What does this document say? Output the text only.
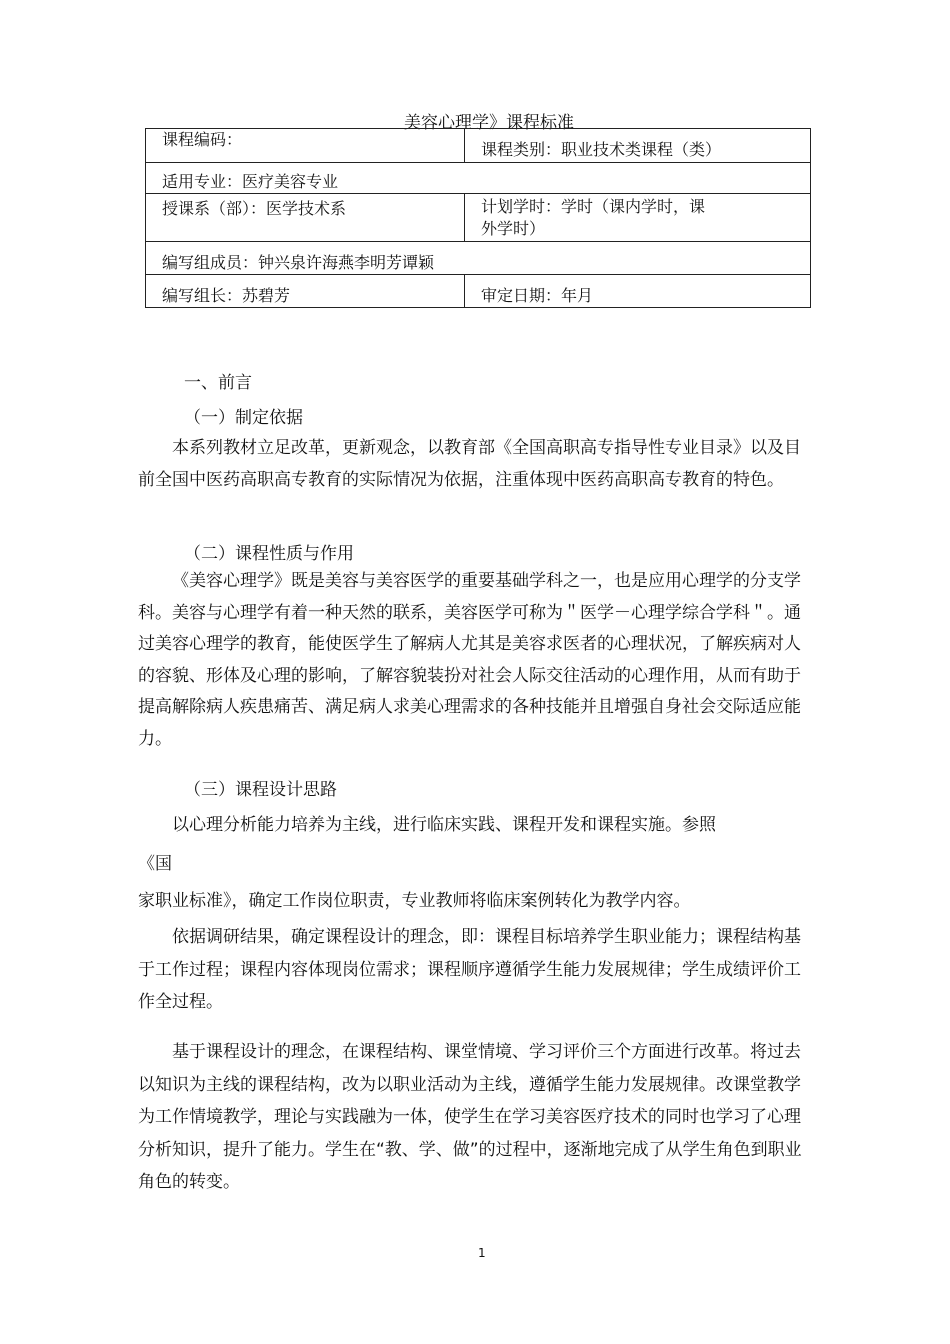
美容心理学》课程标准
课程编码：	课程类别：职业技术类课程（类）
适用专业：医疗美容专业	
授课系（部）：医学技术系	计划学时：学时（课内学时，课
外学时）

编写组成员：钟兴泉许海燕李明芳谭颖	
编写组长：苏碧芳	审定日期：年月
一、前言
（一）制定依据

本系列教材立足改革，更新观念，以教育部《全国高职高专指导性专业目录》以及目前全国中医药高职高专教育的实际情况为依据，注重体现中医药高职高专教育的特色。

（二）课程性质与作用

《美容心理学》既是美容与美容医学的重要基础学科之一，也是应用心理学的分支学科。美容与心理学有着一种天然的联系，美容医学可称为＂医学－心理学综合学科＂。通过美容心理学的教育，能使医学生了解病人尤其是美容求医者的心理状况，了解疾病对人的容貌、形体及心理的影响，了解容貌装扮对社会人际交往活动的心理作用，从而有助于提高解除病人疾患痛苦、满足病人求美心理需求的各种技能并且增强自身社会交际适应能力。

（三）课程设计思路

以心理分析能力培养为主线，进行临床实践、课程开发和课程实施。参照

《国

家职业标准》，确定工作岗位职责，专业教师将临床案例转化为教学内容。

依据调研结果，确定课程设计的理念，即：课程目标培养学生职业能力；课程结构基于工作过程；课程内容体现岗位需求；课程顺序遵循学生能力发展规律；学生成绩评价工作全过程。

基于课程设计的理念，在课程结构、课堂情境、学习评价三个方面进行改革。将过去以知识为主线的课程结构，改为以职业活动为主线，遵循学生能力发展规律。改课堂教学为工作情境教学，理论与实践融为一体，使学生在学习美容医疗技术的同时也学习了心理分析知识，提升了能力。学生在“教、学、做”的过程中，逐渐地完成了从学生角色到职业角色的转变。

1
